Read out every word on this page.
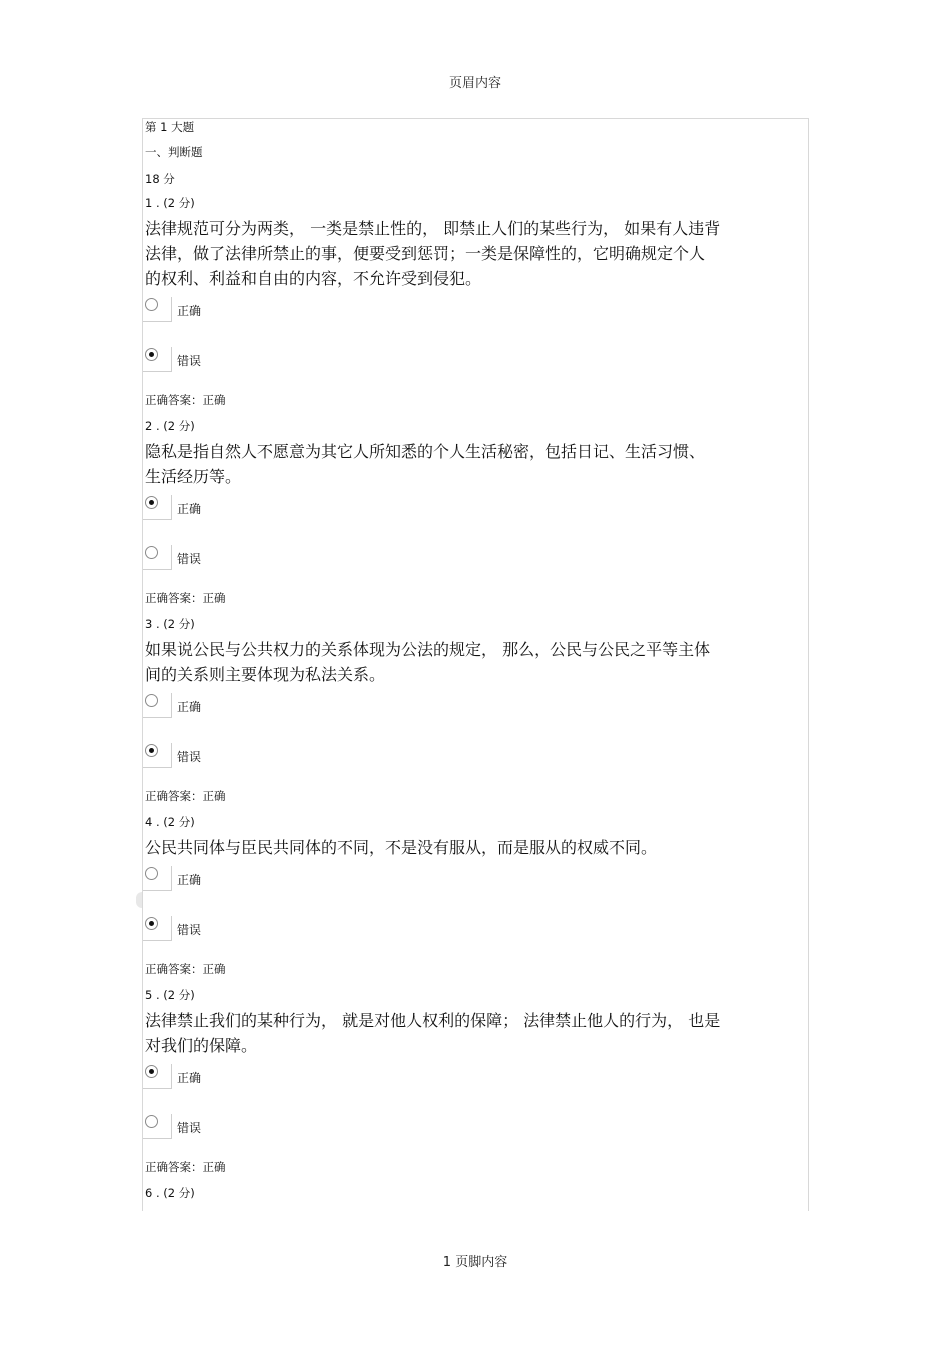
页眉内容
第 1 大题
一、判断题
18 分
1 . (2 分)
法律规范可分为两类， 一类是禁止性的， 即禁止人们的某些行为， 如果有人违背
法律，做了法律所禁止的事，便要受到惩罚；一类是保障性的，它明确规定个人
的权利、利益和自由的内容，不允许受到侵犯。
正确
错误
正确答案：正确
2 . (2 分)
隐私是指自然人不愿意为其它人所知悉的个人生活秘密，包括日记、生活习惯、
生活经历等。
正确
错误
正确答案：正确
3 . (2 分)
如果说公民与公共权力的关系体现为公法的规定， 那么，公民与公民之平等主体
间的关系则主要体现为私法关系。
正确
错误
正确答案：正确
4 . (2 分)
公民共同体与臣民共同体的不同，不是没有服从，而是服从的权威不同。
正确
错误
正确答案：正确
5 . (2 分)
法律禁止我们的某种行为， 就是对他人权利的保障； 法律禁止他人的行为， 也是
对我们的保障。
正确
错误
正确答案：正确
6 . (2 分)
1 页脚内容
